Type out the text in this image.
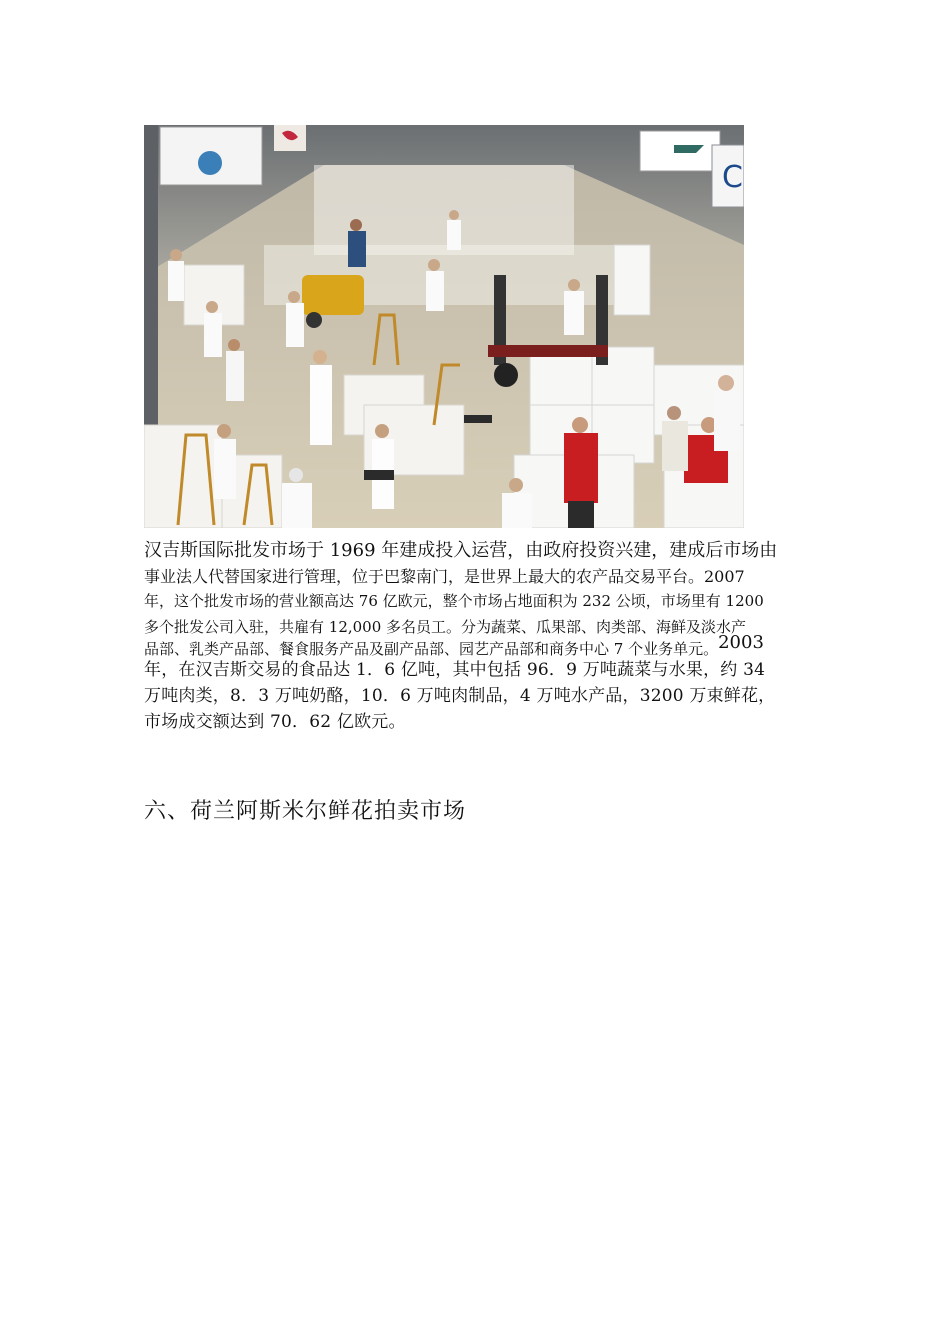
C

汉吉斯国际批发市场于 1969 年建成投入运营，由政府投资兴建，建成后市场由
事业法人代替国家进行管理，位于巴黎南门，是世界上最大的农产品交易平台。2007
年，这个批发市场的营业额高达 76 亿欧元，整个市场占地面积为 232 公顷，市场里有 1200
多个批发公司入驻，共雇有 12,000 多名员工。分为蔬菜、瓜果部、肉类部、海鲜及淡水产
品部、乳类产品部、餐食服务产品及副产品部、园艺产品部和商务中心 7 个业务单元。2003
年，在汉吉斯交易的食品达 1．6 亿吨，其中包括 96．9 万吨蔬菜与水果，约 34
万吨肉类，8．3 万吨奶酪，10．6 万吨肉制品，4 万吨水产品，3200 万束鲜花，
市场成交额达到 70．62 亿欧元。

六、荷兰阿斯米尔鲜花拍卖市场
